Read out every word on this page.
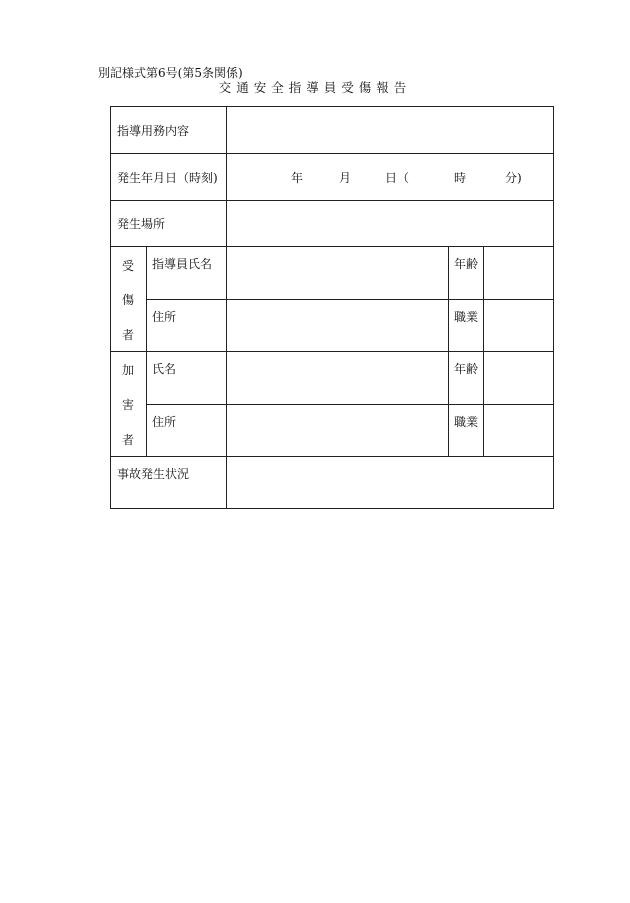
別記様式第6号(第5条関係)
交通安全指導員受傷報告
指導用務内容
発生年月日（時刻)	年	月	日（	時	分)
発生場所
受
傷
者
指導員氏名	年齢
住所	職業
加
害
者
氏名	年齢
住所	職業
事故発生状況
